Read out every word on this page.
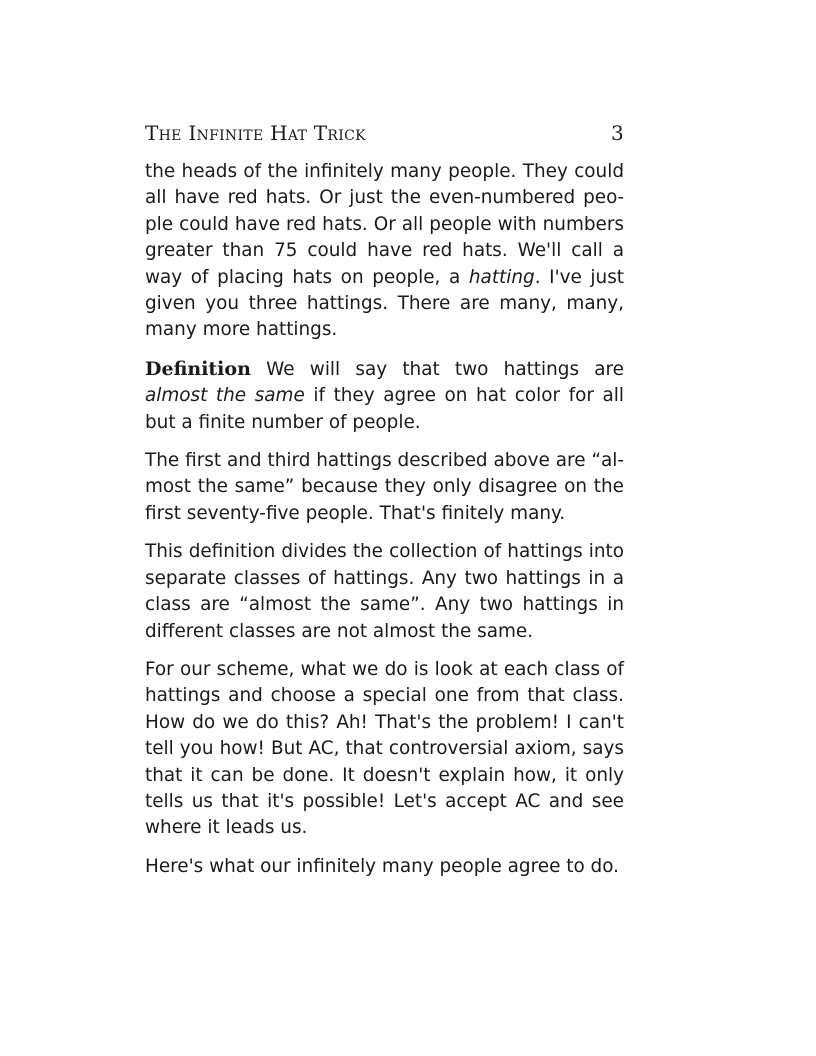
The Infinite Hat Trick	3

the heads of the infinitely many people. They could all have red hats. Or just the even-numbered people could have red hats. Or all people with numbers greater than 75 could have red hats. We'll call a way of placing hats on people, a hatting. I've just given you three hattings. There are many, many, many more hattings.

Definition We will say that two hattings are almost the same if they agree on hat color for all but a finite number of people.

The first and third hattings described above are “almost the same” because they only disagree on the first seventy-five people. That's finitely many.

This definition divides the collection of hattings into separate classes of hattings. Any two hattings in a class are “almost the same”. Any two hattings in different classes are not almost the same.

For our scheme, what we do is look at each class of hattings and choose a special one from that class. How do we do this? Ah! That's the problem! I can't tell you how! But AC, that controversial axiom, says that it can be done. It doesn't explain how, it only tells us that it's possible! Let's accept AC and see where it leads us.

Here's what our infinitely many people agree to do.
